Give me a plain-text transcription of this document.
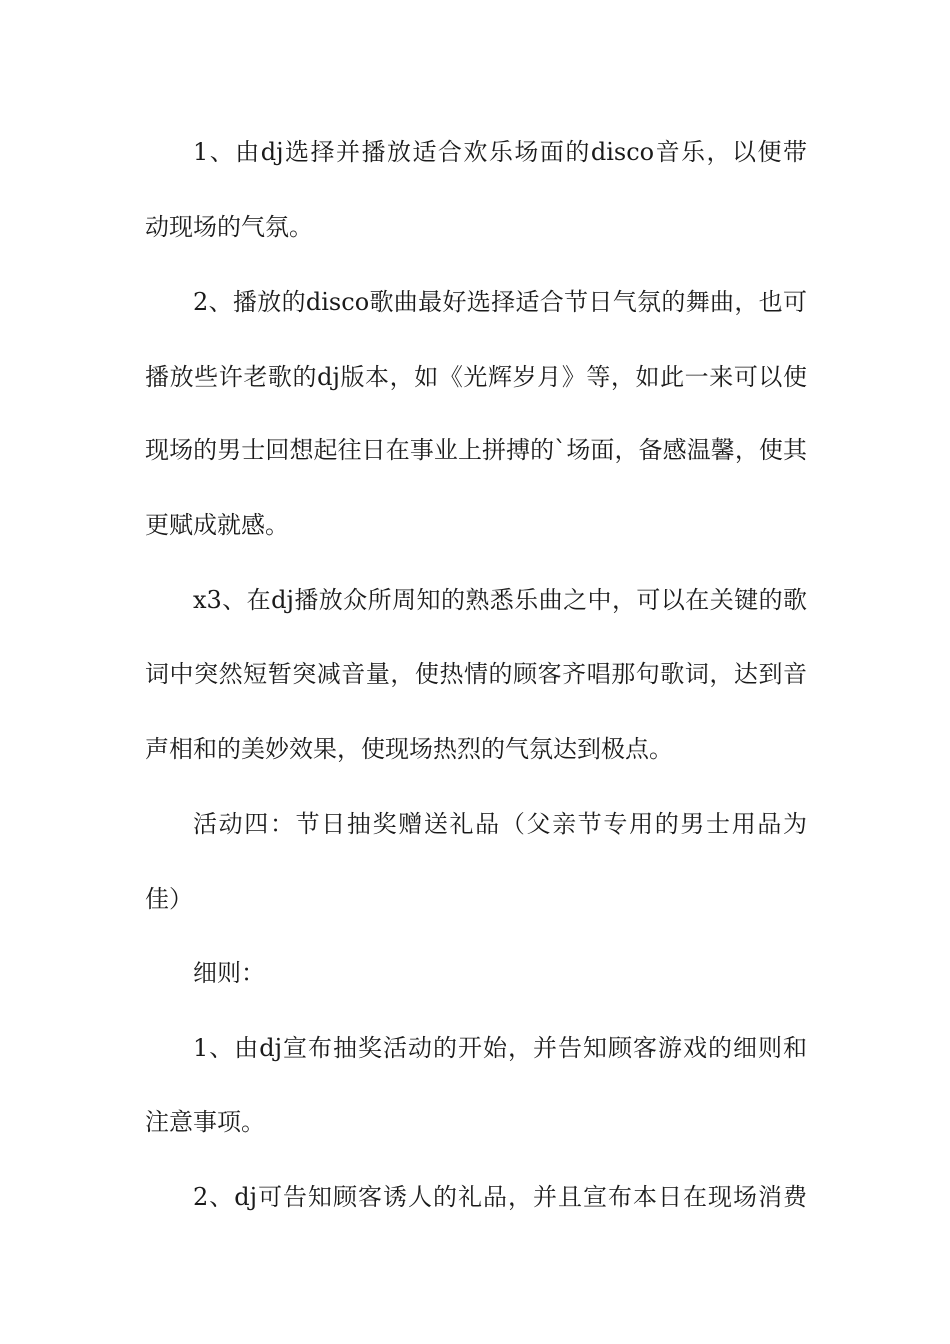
1、由dj选择并播放适合欢乐场面的disco音乐，以便带
动现场的气氛。
2、播放的disco歌曲最好选择适合节日气氛的舞曲，也可
播放些许老歌的dj版本，如《光辉岁月》等，如此一来可以使
现场的男士回想起往日在事业上拼搏的`场面，备感温馨，使其
更赋成就感。
x3、在dj播放众所周知的熟悉乐曲之中，可以在关键的歌
词中突然短暂突减音量，使热情的顾客齐唱那句歌词，达到音
声相和的美妙效果，使现场热烈的气氛达到极点。
活动四：节日抽奖赠送礼品（父亲节专用的男士用品为
佳）
细则：
1、由dj宣布抽奖活动的开始，并告知顾客游戏的细则和
注意事项。
2、dj可告知顾客诱人的礼品，并且宣布本日在现场消费
